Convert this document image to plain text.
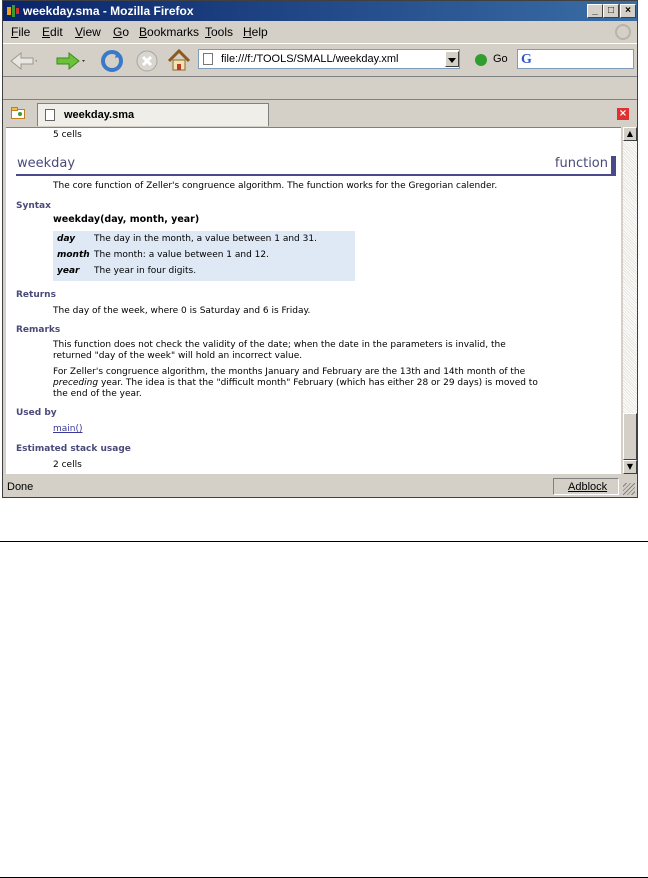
weekday.sma - Mozilla Firefox	_	□	×
File Edit View Go Bookmarks Tools Help
file:///f:/TOOLS/SMALL/weekday.xml	Go G
weekday.sma	×
5 cells
weekday	function
The core function of Zeller's congruence algorithm. The function works for the Gregorian calender.
Syntax
weekday(day, month, year)
day The day in the month, a value between 1 and 31.
month The month: a value between 1 and 12.
year The year in four digits.
Returns
The day of the week, where 0 is Saturday and 6 is Friday.
Remarks
This function does not check the validity of the date; when the date in the parameters is invalid, the
returned "day of the week" will hold an incorrect value.
For Zeller's congruence algorithm, the months January and February are the 13th and 14th month of the
preceding year. The idea is that the "difficult month" February (which has either 28 or 29 days) is moved to
the end of the year.
Used by
main()
Estimated stack usage
2 cells
▲
▼
Done	Adblock
